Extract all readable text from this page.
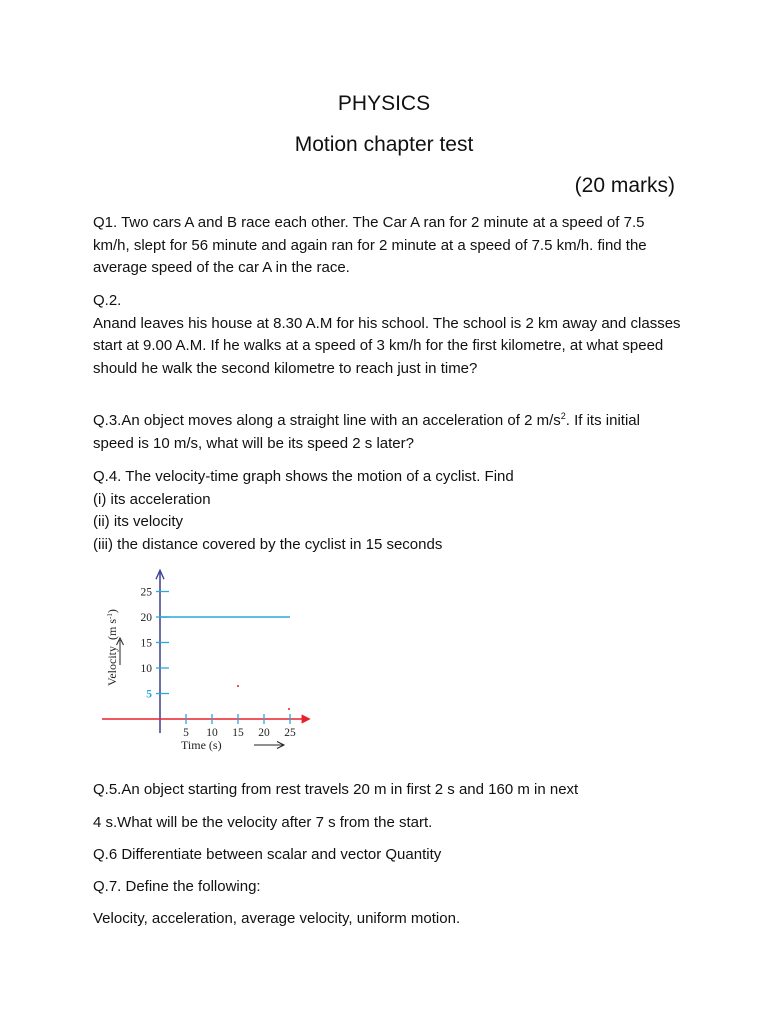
PHYSICS
Motion chapter test
(20 marks)

Q1. Two cars A and B race each other. The Car A ran for 2 minute at a speed of 7.5 km/h, slept for 56 minute and again ran for 2 minute at a speed of 7.5 km/h. find the average speed of the car A in the race.

Q.2.

Anand leaves his house at 8.30 A.M for his school. The school is 2 km away and classes start at 9.00 A.M. If he walks at a speed of 3 km/h for the first kilometre, at what speed should he walk the second kilometre to reach just in time?

Q.3.An object moves along a straight line with an acceleration of 2 $m/s^2$. If its initial speed is 10 m/s, what will be its speed 2 s later?

Q.4. The velocity-time graph shows the motion of a cyclist. Find

(i) its acceleration

(ii) its velocity

(iii) the distance covered by the cyclist in 15 seconds

5
10
15
20
25
5 10 15 20 25
Velocity(m $s^{-1}$)
Time (s)

Q.5.An object starting from rest travels 20 m in first 2 s and 160 m in next

4 s.What will be the velocity after 7 s from the start.

Q.6 Differentiate between scalar and vector Quantity

Q.7. Define the following:

Velocity, acceleration, average velocity, uniform motion.
